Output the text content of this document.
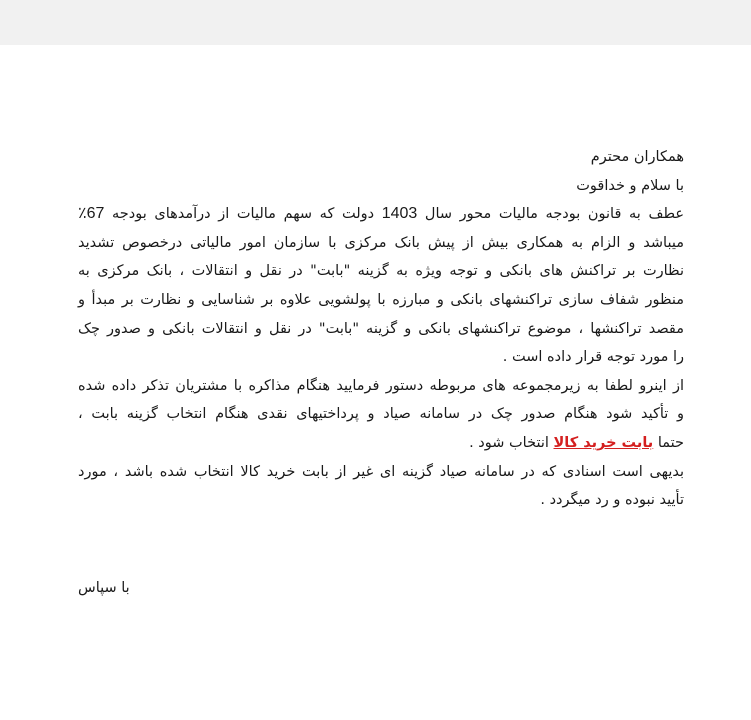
همکاران محترم
با سلام و خداقوت
عطف به قانون بودجه مالیات محور سال 1403 دولت که سهم مالیات از درآمدهای بودجه 67٪
میباشد و الزام به همکاری بیش از پیش بانک مرکزی با سازمان امور مالیاتی درخصوص تشدید
نظارت بر تراکنش های بانکی و توجه ویژه به گزینه "بابت" در نقل و انتقالات ، بانک مرکزی به
منظور شفاف سازی تراکنشهای بانکی و مبارزه با پولشویی علاوه بر شناسایی و نظارت بر مبدأ و
مقصد تراکنشها ، موضوع تراکنشهای بانکی و گزینه "بابت" در نقل و انتقالات بانکی و صدور چک
را مورد توجه قرار داده است .
از اینرو لطفا به زیرمجموعه های مربوطه دستور فرمایید هنگام مذاکره با مشتریان تذکر داده شده
و تأکید شود هنگام صدور چک در سامانه صیاد و پرداختیهای نقدی هنگام انتخاب گزینه بابت ،
حتما بابت خرید کالا انتخاب شود .
بدیهی است اسنادی که در سامانه صیاد گزینه ای غیر از بابت خرید کالا انتخاب شده باشد ، مورد
تأیید نبوده و رد میگردد .
با سپاس
